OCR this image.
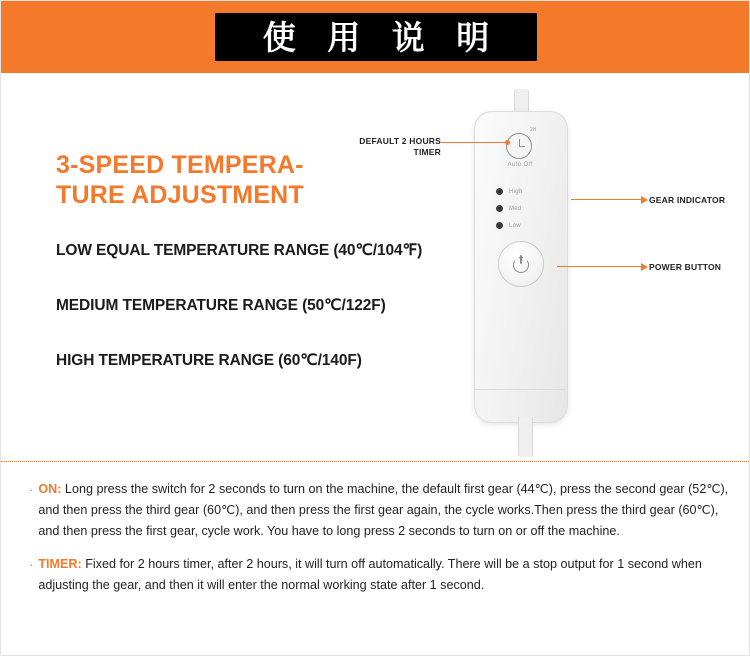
使 用 说 明
3-SPEED TEMPERA-TURE ADJUSTMENT
LOW EQUAL TEMPERATURE RANGE (40℃/104℉)
MEDIUM TEMPERATURE RANGE (50℃/122F)
HIGH TEMPERATURE RANGE (60℃/140F)
2H
Auto Off
High
Med
Low
DEFAULT 2 HOURS TIMER
GEAR INDICATOR
POWER BUTTON
· ON: Long press the switch for 2 seconds to turn on the machine, the default first gear (44℃), press the second gear (52℃), and then press the third gear (60℃), and then press the first gear again, the cycle works.Then press the third gear (60℃), and then press the first gear, cycle work. You have to long press 2 seconds to turn on or off the machine.
· TIMER: Fixed for 2 hours timer, after 2 hours, it will turn off automatically. There will be a stop output for 1 second when adjusting the gear, and then it will enter the normal working state after 1 second.
